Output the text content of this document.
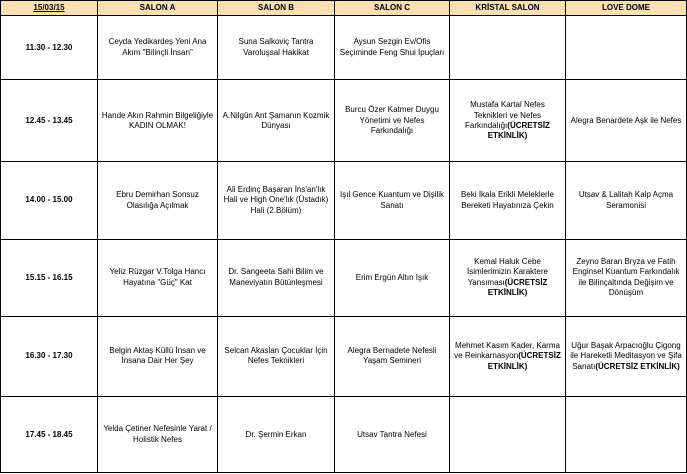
15/03/15	SALON A	SALON B	SALON C	KRİSTAL SALON	LOVE DOME
11.30 - 12.30	Ceyda Yedikardeş Yeni Ana Akım "Bilinçli İnsan"	Suna Salkoviç Tantra Varoluşsal Hakikat	Aysun Sezgin Ev/Ofis Seçiminde Feng Shui İpuçları		
12.45 - 13.45	Hande Akın Rahmin Bilgeliğiyle KADIN OLMAK!	A.Nilgün Ant Şamanın Kozmik Dünyası	Burcu Özer Katmer Duygu Yönetimi ve Nefes Farkındalığı	Mustafa Kartal Nefes Teknikleri ve Nefes Farkındalığı(ÜCRETSİZ ETKİNLİK)	Alegra Benardete Aşk ile Nefes
14.00 - 15.00	Ebru Demirhan Sonsuz Olasılığa Açılmak	Ali Erdinç Başaran İns'an'lık Hali ve High One'lık (Üstadık) Hali (2.Bölüm)	Işıl Gence Kuantum ve Dişilik Sanatı	Beki İkala Erikli Meleklerle Bereketi Hayatınıza Çekin	Utsav & Lalitah Kalp Açma Seramonisi
15.15 - 16.15	Yeliz Rüzgar V.Tolga Hancı Hayatına "Güç" Kat	Dr. Sangeeta Sahi Bilim ve Maneviyatın Bütünleşmesi	Erim Ergün Altın Işık	Kemal Haluk Cebe İsimlerimizin Karaktere Yansıması(ÜCRETSİZ ETKİNLİK)	Zeyno Baran Bryza ve Fatih Enginsel Kuantum Farkındalık ile Bilinçaltında Değişim ve Dönüşüm
16.30 - 17.30	Belgin Aktaş Küllü İnsan ve İnsana Dair Her Şey	Selcan Akaslan Çocuklar İçin Nefes Teknikleri	Alegra Bernadete Nefesli Yaşam Semineri	Mehmet Kasım Kader, Karma ve Reinkarnasyon(ÜCRETSİZ ETKİNLİK)	Uğur Başak Arpacıoğlu Çigong ile Hareketli Meditasyon ve Şifa Sanatı(ÜCRETSİZ ETKİNLİK)
17.45 - 18.45	Yelda Çetiner Nefesinle Yarat / Holistik Nefes	Dr. Şermin Erkan	Utsav Tantra Nefesi		
